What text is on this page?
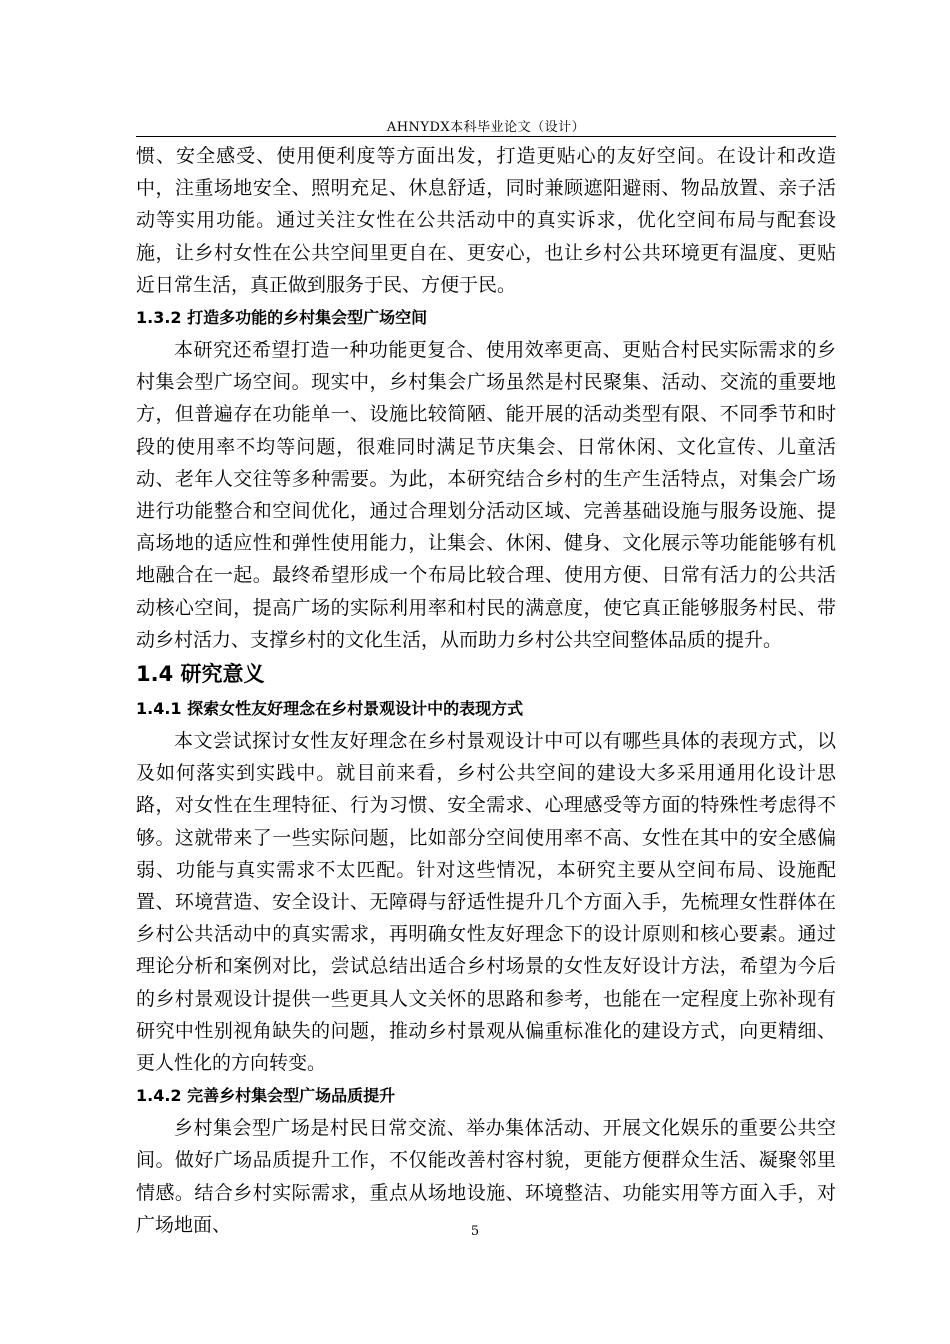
AHNYDX本科毕业论文（设计）

惯、安全感受、使用便利度等方面出发，打造更贴心的友好空间。在设计和改造中，注重场地安全、照明充足、休息舒适，同时兼顾遮阳避雨、物品放置、亲子活动等实用功能。通过关注女性在公共活动中的真实诉求，优化空间布局与配套设施，让乡村女性在公共空间里更自在、更安心，也让乡村公共环境更有温度、更贴近日常生活，真正做到服务于民、方便于民。

1.3.2 打造多功能的乡村集会型广场空间

本研究还希望打造一种功能更复合、使用效率更高、更贴合村民实际需求的乡村集会型广场空间。现实中，乡村集会广场虽然是村民聚集、活动、交流的重要地方，但普遍存在功能单一、设施比较简陋、能开展的活动类型有限、不同季节和时段的使用率不均等问题，很难同时满足节庆集会、日常休闲、文化宣传、儿童活动、老年人交往等多种需要。为此，本研究结合乡村的生产生活特点，对集会广场进行功能整合和空间优化，通过合理划分活动区域、完善基础设施与服务设施、提高场地的适应性和弹性使用能力，让集会、休闲、健身、文化展示等功能能够有机地融合在一起。最终希望形成一个布局比较合理、使用方便、日常有活力的公共活动核心空间，提高广场的实际利用率和村民的满意度，使它真正能够服务村民、带动乡村活力、支撑乡村的文化生活，从而助力乡村公共空间整体品质的提升。

1.4 研究意义

1.4.1 探索女性友好理念在乡村景观设计中的表现方式

本文尝试探讨女性友好理念在乡村景观设计中可以有哪些具体的表现方式，以及如何落实到实践中。就目前来看，乡村公共空间的建设大多采用通用化设计思路，对女性在生理特征、行为习惯、安全需求、心理感受等方面的特殊性考虑得不够。这就带来了一些实际问题，比如部分空间使用率不高、女性在其中的安全感偏弱、功能与真实需求不太匹配。针对这些情况，本研究主要从空间布局、设施配置、环境营造、安全设计、无障碍与舒适性提升几个方面入手，先梳理女性群体在乡村公共活动中的真实需求，再明确女性友好理念下的设计原则和核心要素。通过理论分析和案例对比，尝试总结出适合乡村场景的女性友好设计方法，希望为今后的乡村景观设计提供一些更具人文关怀的思路和参考，也能在一定程度上弥补现有研究中性别视角缺失的问题，推动乡村景观从偏重标准化的建设方式，向更精细、更人性化的方向转变。

1.4.2 完善乡村集会型广场品质提升

乡村集会型广场是村民日常交流、举办集体活动、开展文化娱乐的重要公共空间。做好广场品质提升工作，不仅能改善村容村貌，更能方便群众生活、凝聚邻里情感。结合乡村实际需求，重点从场地设施、环境整洁、功能实用等方面入手，对广场地面、	5
